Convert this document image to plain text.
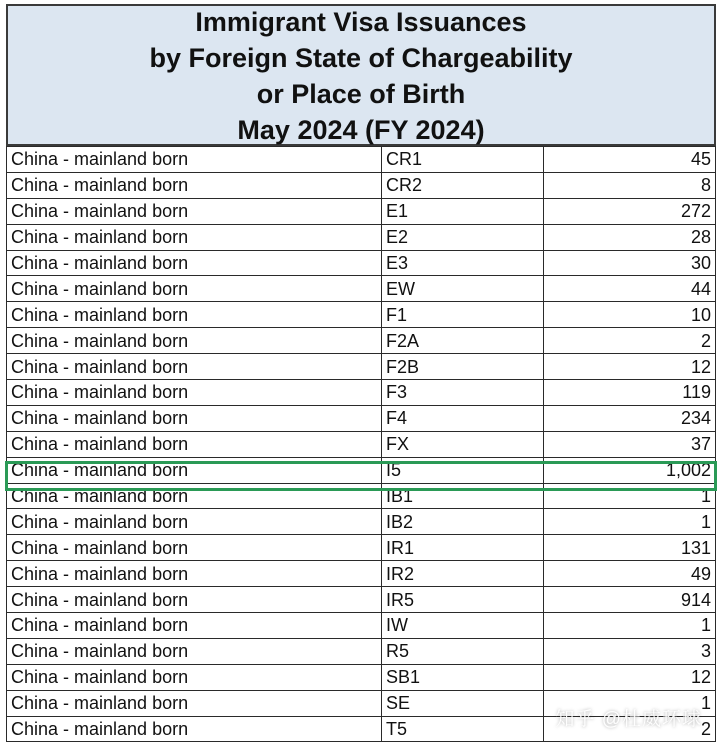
Immigrant Visa Issuances
by Foreign State of Chargeability
or Place of Birth
May 2024 (FY 2024)
China - mainland born	CR1	45
China - mainland born	CR2	8
China - mainland born	E1	272
China - mainland born	E2	28
China - mainland born	E3	30
China - mainland born	EW	44
China - mainland born	F1	10
China - mainland born	F2A	2
China - mainland born	F2B	12
China - mainland born	F3	119
China - mainland born	F4	234
China - mainland born	FX	37
China - mainland born	I5	1,002
China - mainland born	IB1	1
China - mainland born	IB2	1
China - mainland born	IR1	131
China - mainland born	IR2	49
China - mainland born	IR5	914
China - mainland born	IW	1
China - mainland born	R5	3
China - mainland born	SB1	12
China - mainland born	SE	1
China - mainland born	T5	2
知乎 @杜威环球
